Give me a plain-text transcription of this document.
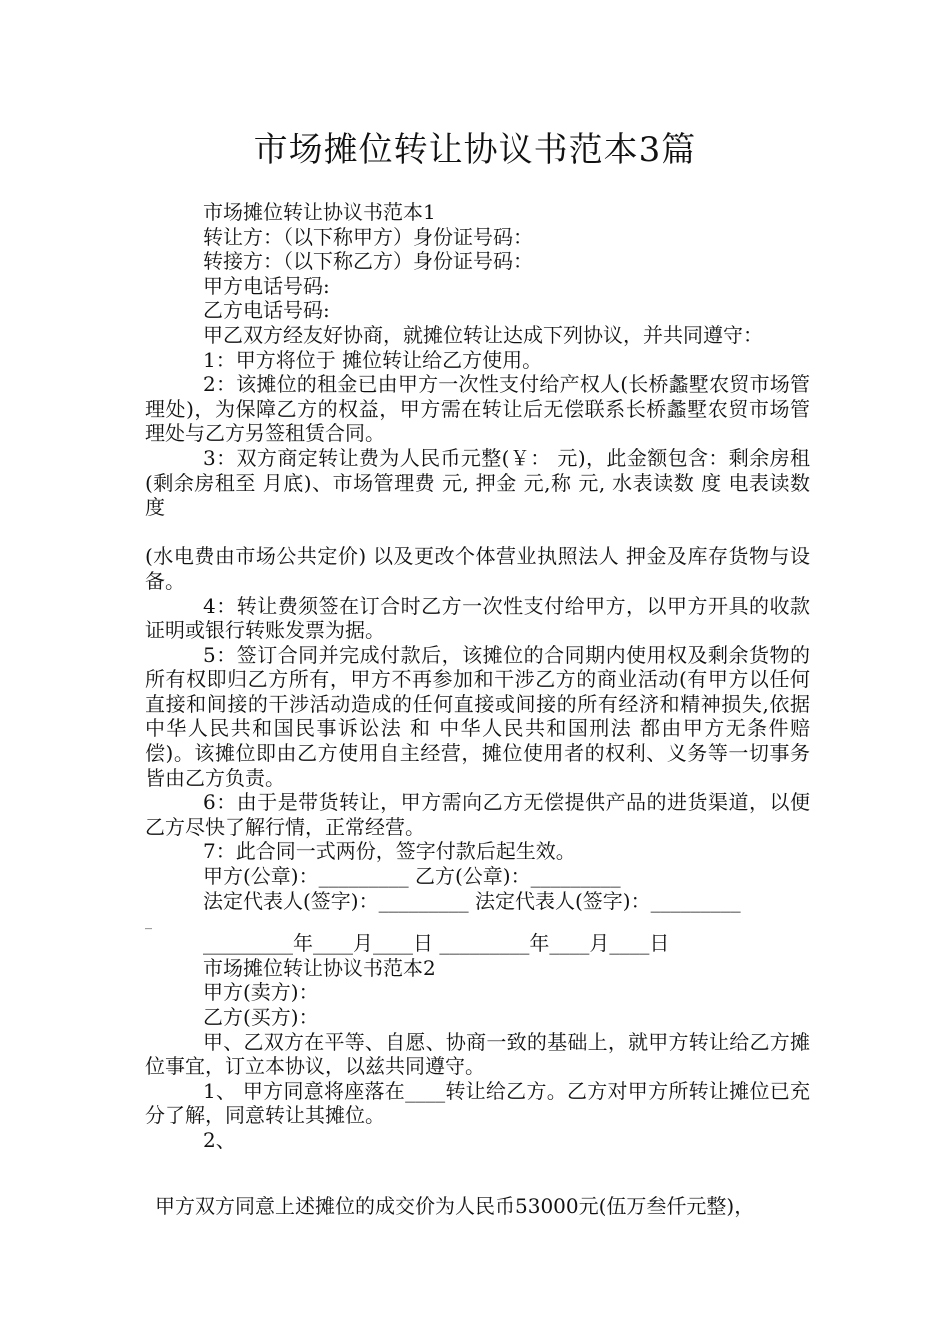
市场摊位转让协议书范本3篇

市场摊位转让协议书范本1

转让方：（以下称甲方）身份证号码：

转接方：（以下称乙方）身份证号码：

甲方电话号码:

乙方电话号码:

甲乙双方经友好协商，就摊位转让达成下列协议，并共同遵守：

1：甲方将位于 摊位转让给乙方使用。

2：该摊位的租金已由甲方一次性支付给产权人(长桥蠡墅农贸市场管理处)，为保障乙方的权益，甲方需在转让后无偿联系长桥蠡墅农贸市场管理处与乙方另签租赁合同。

3：双方商定转让费为人民币元整(￥： 元)，此金额包含：剩余房租(剩余房租至 月底)、市场管理费 元, 押金 元,称 元, 水表读数 度 电表读数 度

(水电费由市场公共定价) 以及更改个体营业执照法人 押金及库存货物与设备。

4：转让费须签在订合时乙方一次性支付给甲方，以甲方开具的收款证明或银行转账发票为据。

5：签订合同并完成付款后，该摊位的合同期内使用权及剩余货物的所有权即归乙方所有，甲方不再参加和干涉乙方的商业活动(有甲方以任何直接和间接的干涉活动造成的任何直接或间接的所有经济和精神损失,依据 中华人民共和国民事诉讼法 和 中华人民共和国刑法 都由甲方无条件赔偿)。该摊位即由乙方使用自主经营，摊位使用者的权利、义务等一切事务皆由乙方负责。

6：由于是带货转让，甲方需向乙方无偿提供产品的进货渠道，以便乙方尽快了解行情，正常经营。

7：此合同一式两份，签字付款后起生效。

甲方(公章)：_________ 乙方(公章)：_________

法定代表人(签字)：_________ 法定代表人(签字)：_________

_

_________年____月____日 _________年____月____日

市场摊位转让协议书范本2

甲方(卖方)：

乙方(买方)：

甲、乙双方在平等、自愿、协商一致的基础上，就甲方转让给乙方摊位事宜，订立本协议，以兹共同遵守。

1、 甲方同意将座落在____转让给乙方。乙方对甲方所转让摊位已充分了解，同意转让其摊位。

2、

甲方双方同意上述摊位的成交价为人民币53000元(伍万叁仟元整)，
